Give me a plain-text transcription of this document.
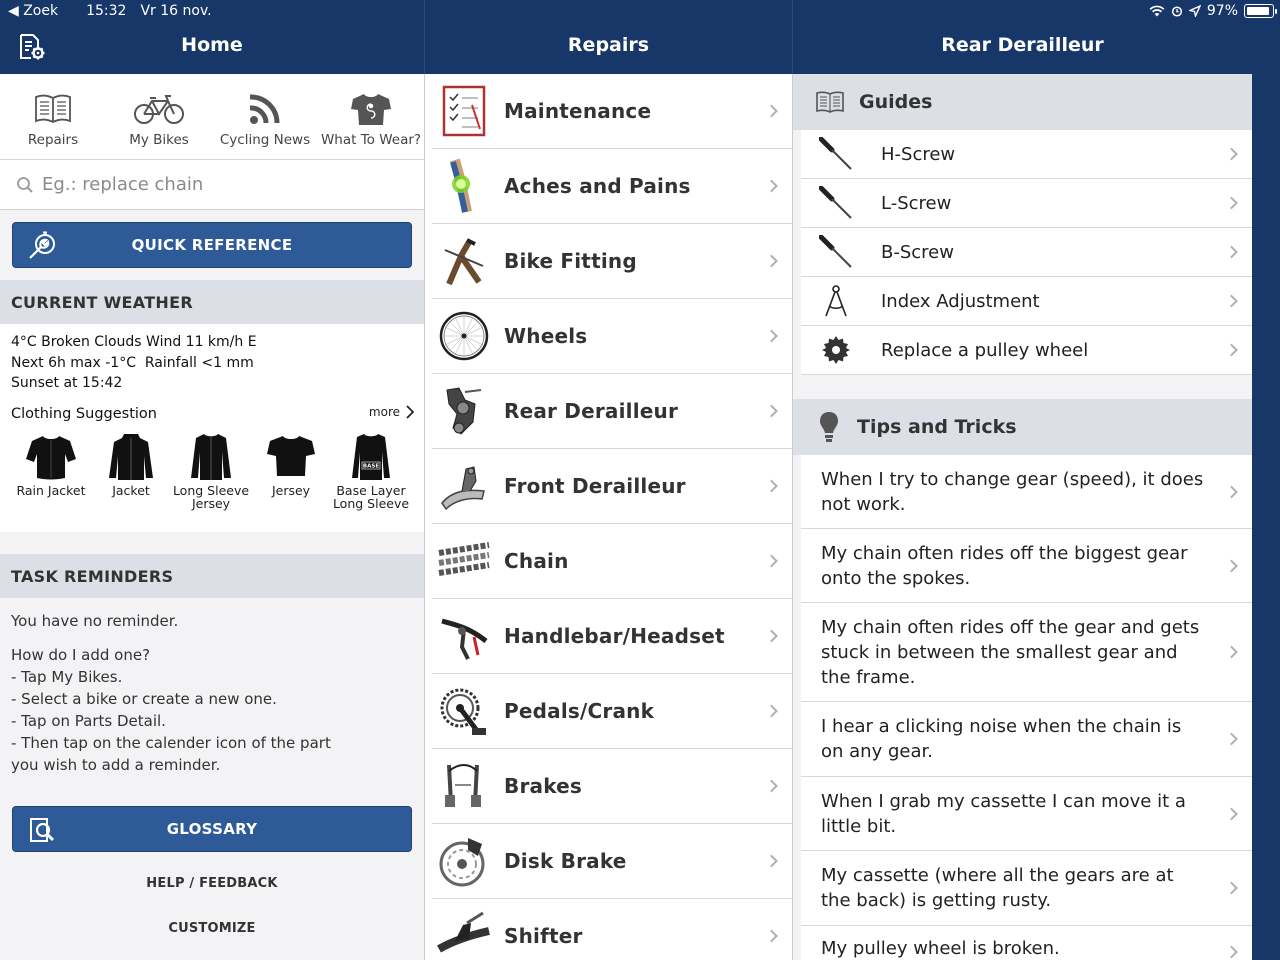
◀ Zoek	15:32 Vr 16 nov.	97%
Home	Repairs	Rear Derailleur
Repairs	My Bikes Cycling News What To Wear?
Eg.: replace chain
QUICK REFERENCE
CURRENT WEATHER
4°C Broken Clouds Wind 11 km/h E
Next 6h max -1°C  Rainfall <1 mm
Sunset at 15:42
Clothing Suggestion	more
Rain Jacket Jacket Long Sleeve Jersey
Jersey
BASE
Base Layer Long Sleeve
TASK REMINDERS
You have no reminder.
How do I add one?
- Tap My Bikes.
- Select a bike or create a new one.
- Tap on Parts Detail.
- Then tap on the calender icon of the part
you wish to add a reminder.
GLOSSARY
HELP / FEEDBACK
CUSTOMIZE
Maintenance
Aches and Pains
Bike Fitting
Wheels
Rear Derailleur
Front Derailleur
Chain
Handlebar/Headset
Pedals/Crank
Brakes
Disk Brake
Shifter
Guides
H-Screw
L-Screw
B-Screw
Index Adjustment
Replace a pulley wheel
Tips and Tricks
When I try to change gear (speed), it does not work.
My chain often rides off the biggest gear onto the spokes.
My chain often rides off the gear and gets stuck in between the smallest gear and the frame.
I hear a clicking noise when the chain is on any gear.
When I grab my cassette I can move it a little bit.
My cassette (where all the gears are at the back) is getting rusty.
My pulley wheel is broken.
